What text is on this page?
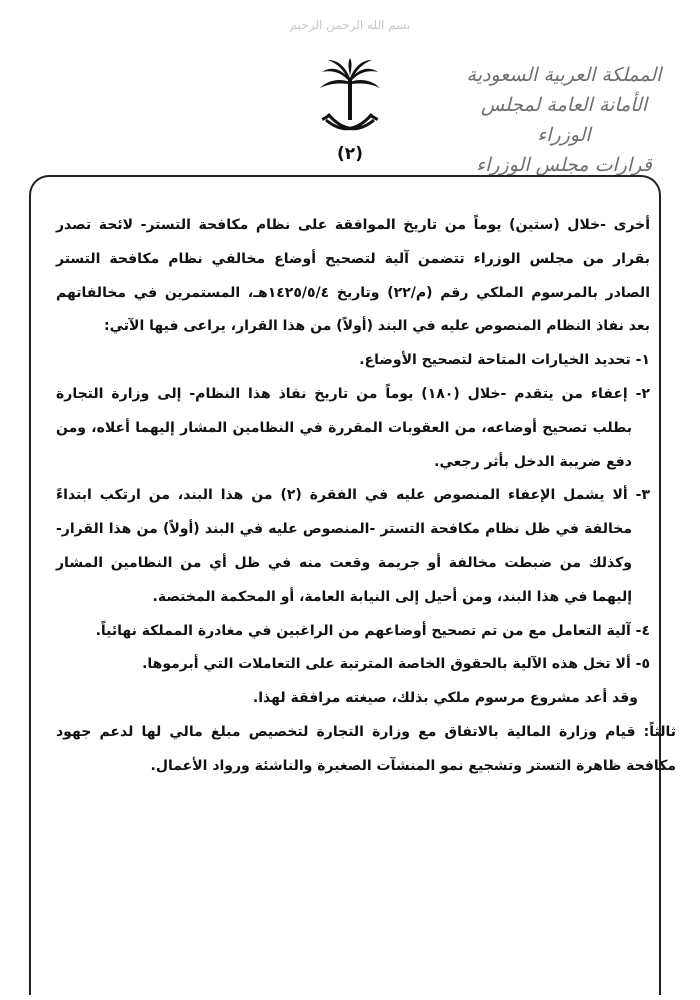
بسم الله الرحمن الرحيم
المملكة العربية السعودية
الأمانة العامة لمجلس الوزراء
قرارات مجلس الوزراء
(٢)

أخرى -خلال (ستين) يوماً من تاريخ الموافقة على نظام مكافحة التستر- لائحة تصدر بقرار من مجلس الوزراء تتضمن آلية لتصحيح أوضاع مخالفي نظام مكافحة التستر الصادر بالمرسوم الملكي رقم (م/٢٢) وتاريخ ١٤٢٥/٥/٤هـ، المستمرين في مخالفاتهم بعد نفاذ النظام المنصوص عليه في البند (أولاً) من هذا القرار، يراعى فيها الآتي:

١- تحديد الخيارات المتاحة لتصحيح الأوضاع.

٢- إعفاء من يتقدم -خلال (١٨٠) يوماً من تاريخ نفاذ هذا النظام- إلى وزارة التجارة بطلب تصحيح أوضاعه، من العقوبات المقررة في النظامين المشار إليهما أعلاه، ومن دفع ضريبة الدخل بأثر رجعي.

٣- ألا يشمل الإعفاء المنصوص عليه في الفقرة (٢) من هذا البند، من ارتكب ابتداءً مخالفة في ظل نظام مكافحة التستر -المنصوص عليه في البند (أولاً) من هذا القرار- وكذلك من ضبطت مخالفة أو جريمة وقعت منه في ظل أي من النظامين المشار إليهما في هذا البند، ومن أحيل إلى النيابة العامة، أو المحكمة المختصة.

٤- آلية التعامل مع من تم تصحيح أوضاعهم من الراغبين في مغادرة المملكة نهائياً.

٥- ألا تخل هذه الآلية بالحقوق الخاصة المترتبة على التعاملات التي أبرموها.

وقد أعد مشروع مرسوم ملكي بذلك، صيغته مرافقة لهذا.

ثالثاً: قيام وزارة المالية بالاتفاق مع وزارة التجارة لتخصيص مبلغ مالي لها لدعم جهود مكافحة ظاهرة التستر وتشجيع نمو المنشآت الصغيرة والناشئة ورواد الأعمال.
